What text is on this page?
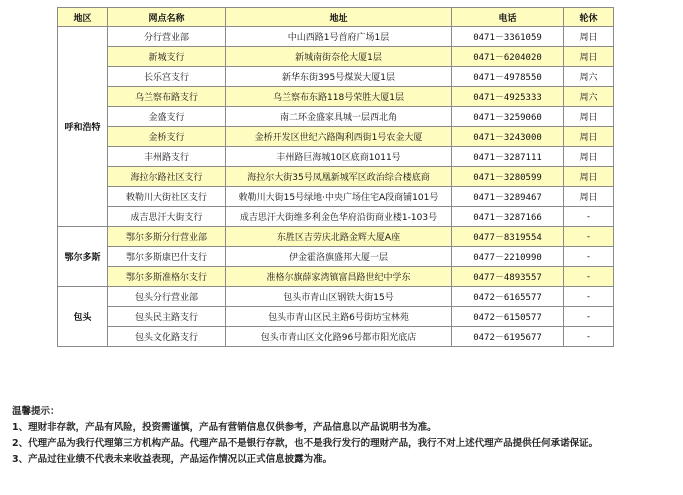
地区	网点名称	地址	电话	轮休
呼和浩特	分行营业部	中山西路1号首府广场1层	0471－3361059	周日
	新城支行	新城南街奈伦大厦1层	0471－6204020	周日
	长乐宫支行	新华东街395号煤炭大厦1层	0471－4978550	周六
	乌兰察布路支行	乌兰察布东路118号荣胜大厦1层	0471－4925333	周六
	金盛支行	南二环金盛家具城一层西北角	0471－3259060	周日
	金桥支行	金桥开发区世纪六路陶利西街1号农金大厦	0471－3243000	周日
	丰州路支行	丰州路巨海城10区底商1011号	0471－3287111	周日
	海拉尔路社区支行	海拉尔大街35号凤凰新城军区政治综合楼底商	0471－3280599	周日
	敕勒川大街社区支行	敕勒川大街15号绿地·中央广场住宅A段商铺101号	0471－3289467	周日
	成吉思汗大街支行	成吉思汗大街维多利金色华府沿街商业楼1-103号	0471－3287166	-
鄂尔多斯	鄂尔多斯分行营业部	东胜区吉劳庆北路金辉大厦A座	0477－8319554	-
	鄂尔多斯康巴什支行	伊金霍洛旗盛邦大厦一层	0477－2210990	-
	鄂尔多斯准格尔支行	准格尔旗薛家湾镇富昌路世纪中学东	0477－4893557	-
包头	包头分行营业部	包头市青山区钢铁大街15号	0472－6165577	-
	包头民主路支行	包头市青山区民主路6号街坊宝林苑	0472－6150577	-
	包头文化路支行	包头市青山区文化路96号都市阳光底店	0472－6195677	-

温馨提示：

1、理财非存款，产品有风险，投资需谨慎，产品有营销信息仅供参考，产品信息以产品说明书为准。

2、代理产品为我行代理第三方机构产品。代理产品不是银行存款，也不是我行发行的理财产品，我行不对上述代理产品提供任何承诺保证。

3、产品过往业绩不代表未来收益表现，产品运作情况以正式信息披露为准。
